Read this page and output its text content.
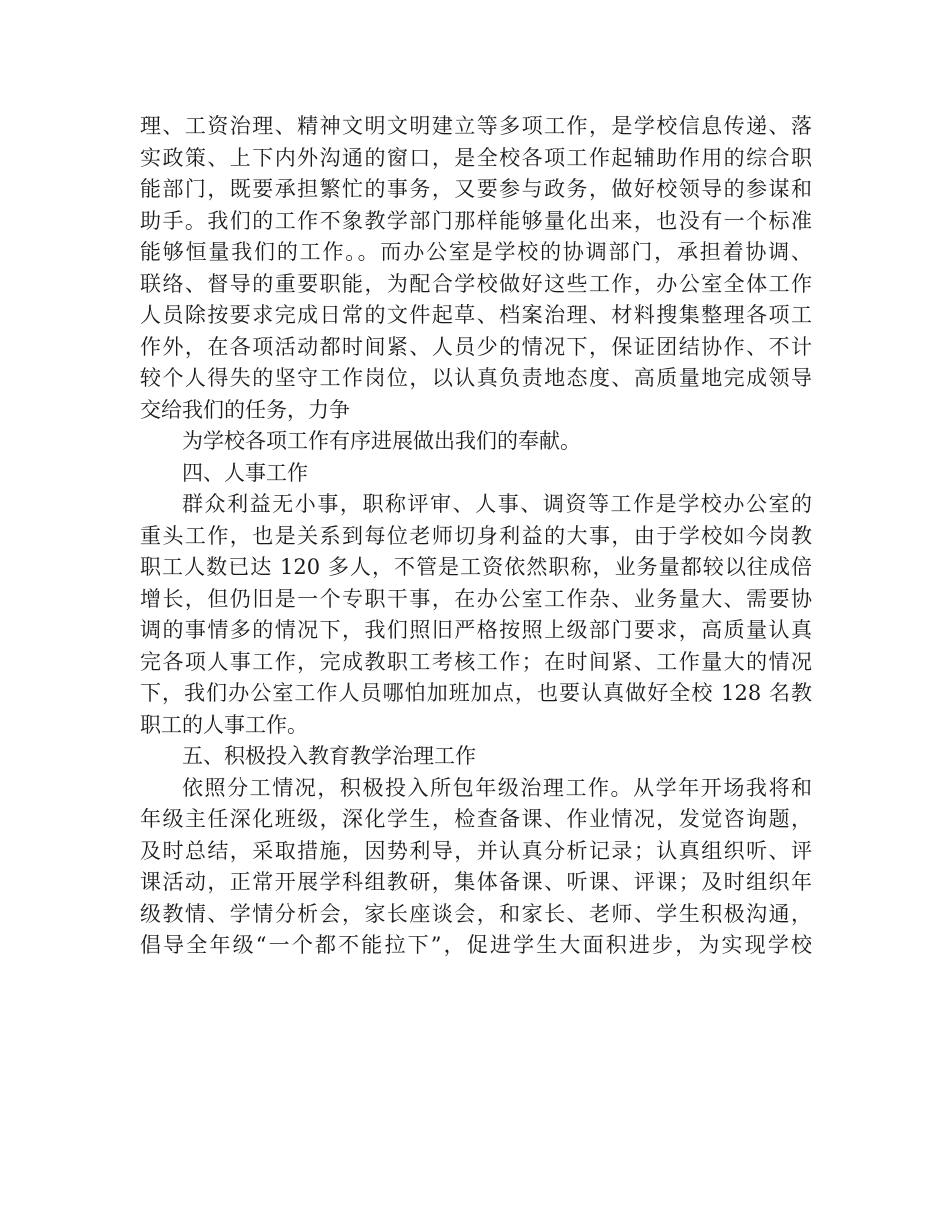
理、工资治理、精神文明文明建立等多项工作，是学校信息传递、落
实政策、上下内外沟通的窗口，是全校各项工作起辅助作用的综合职
能部门，既要承担繁忙的事务，又要参与政务，做好校领导的参谋和
助手。我们的工作不象教学部门那样能够量化出来，也没有一个标准
能够恒量我们的工作。。而办公室是学校的协调部门，承担着协调、
联络、督导的重要职能，为配合学校做好这些工作，办公室全体工作
人员除按要求完成日常的文件起草、档案治理、材料搜集整理各项工
作外，在各项活动都时间紧、人员少的情况下，保证团结协作、不计
较个人得失的坚守工作岗位，以认真负责地态度、高质量地完成领导
交给我们的任务，力争
为学校各项工作有序进展做出我们的奉献。
四、人事工作
群众利益无小事，职称评审、人事、调资等工作是学校办公室的
重头工作，也是关系到每位老师切身利益的大事，由于学校如今岗教
职工人数已达 120 多人，不管是工资依然职称，业务量都较以往成倍
增长，但仍旧是一个专职干事，在办公室工作杂、业务量大、需要协
调的事情多的情况下，我们照旧严格按照上级部门要求，高质量认真
完各项人事工作，完成教职工考核工作；在时间紧、工作量大的情况
下，我们办公室工作人员哪怕加班加点，也要认真做好全校 128 名教
职工的人事工作。
五、积极投入教育教学治理工作
依照分工情况，积极投入所包年级治理工作。从学年开场我将和
年级主任深化班级，深化学生，检查备课、作业情况，发觉咨询题，
及时总结，采取措施，因势利导，并认真分析记录；认真组织听、评
课活动，正常开展学科组教研，集体备课、听课、评课；及时组织年
级教情、学情分析会，家长座谈会，和家长、老师、学生积极沟通，
倡导全年级“一个都不能拉下”，促进学生大面积进步，为实现学校
